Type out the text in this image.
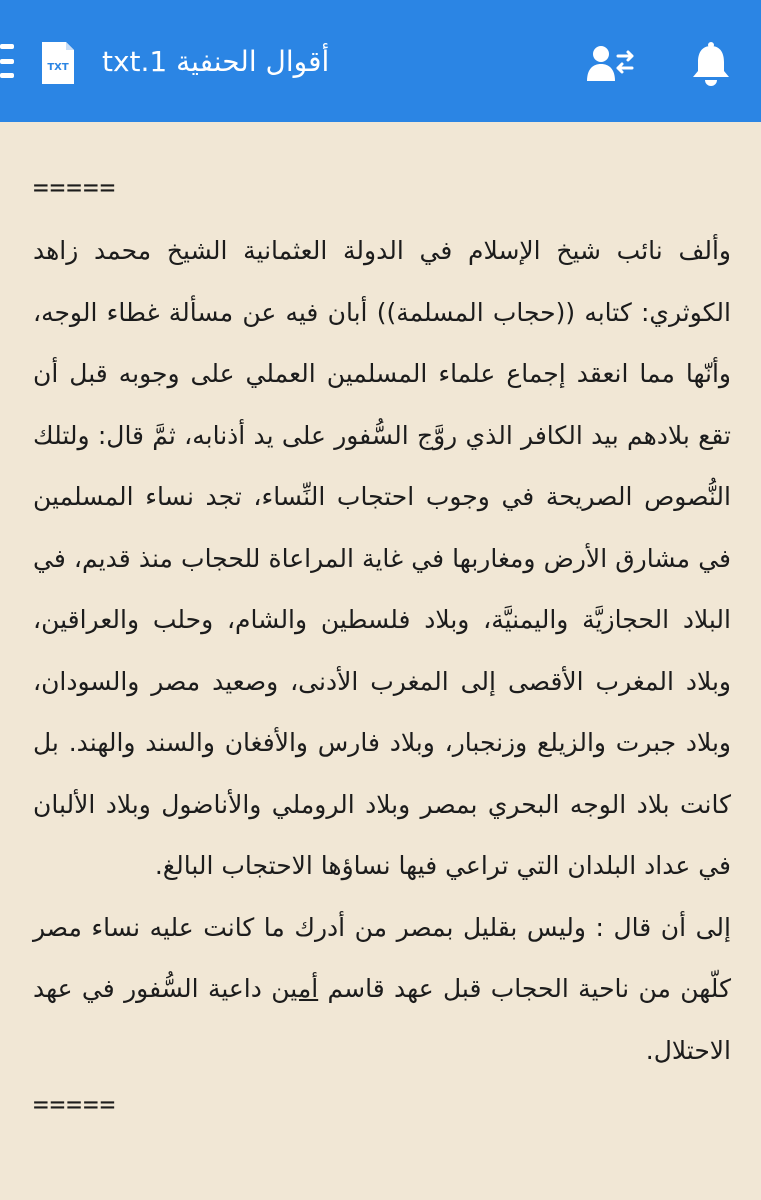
TXT أقوال الحنفية txt.1
=====

وألف نائب شيخ الإسلام في الدولة العثمانية الشيخ محمد زاهد الكوثري: كتابه ((حجاب المسلمة)) أبان فيه عن مسألة غطاء الوجه، وأنّها مما انعقد إجماع علماء المسلمين العملي على وجوبه قبل أن تقع بلادهم بيد الكافر الذي روَّج السُّفور على يد أذنابه، ثمَّ قال: ولتلك النُّصوص الصريحة في وجوب احتجاب النِّساء، تجد نساء المسلمين في مشارق الأرض ومغاربها في غاية المراعاة للحجاب منذ قديم، في البلاد الحجازيَّة واليمنيَّة، وبلاد فلسطين والشام، وحلب والعراقين، وبلاد المغرب الأقصى إلى المغرب الأدنى، وصعيد مصر والسودان، وبلاد جبرت والزيلع وزنجبار، وبلاد فارس والأفغان والسند والهند. بل كانت بلاد الوجه البحري بمصر وبلاد الروملي والأناضول وبلاد الألبان في عداد البلدان التي تراعي فيها نساؤها الاحتجاب البالغ.

إلى أن قال : وليس بقليل بمصر من أدرك ما كانت عليه نساء مصر كلّهن من ناحية الحجاب قبل عهد قاسم أمين داعية السُّفور في عهد الاحتلال.

=====
